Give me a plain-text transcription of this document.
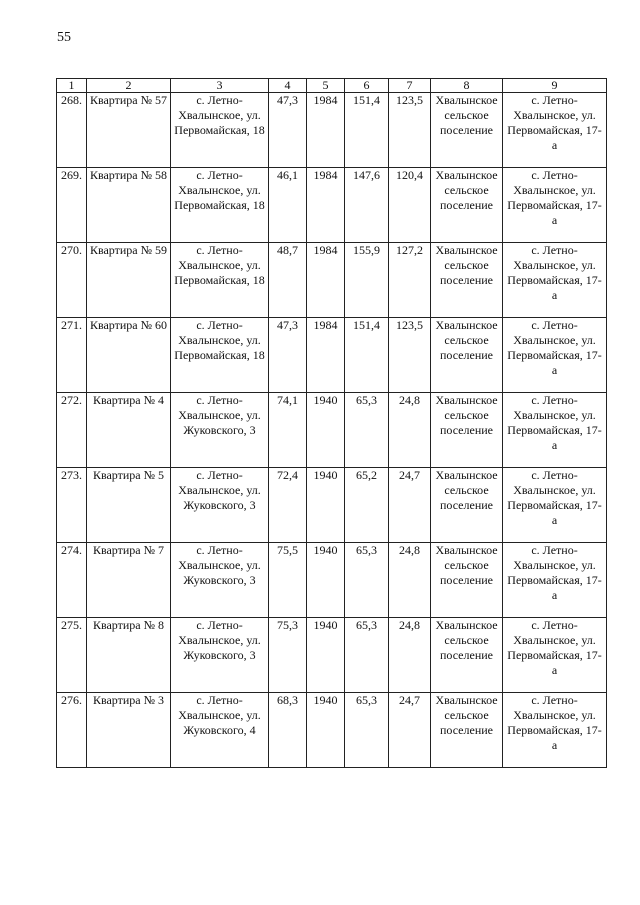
55
1	2	3	4	5	6	7	8	9
268.	Квартира № 57	с. Летно-Хвалынское, ул. Первомайская, 18	47,3	1984	151,4	123,5	Хвалынское сельское поселение	с. Летно-Хвалынское, ул. Первомайская, 17-а
269.	Квартира № 58	с. Летно-Хвалынское, ул. Первомайская, 18	46,1	1984	147,6	120,4	Хвалынское сельское поселение	с. Летно-Хвалынское, ул. Первомайская, 17-а
270.	Квартира № 59	с. Летно-Хвалынское, ул. Первомайская, 18	48,7	1984	155,9	127,2	Хвалынское сельское поселение	с. Летно-Хвалынское, ул. Первомайская, 17-а
271.	Квартира № 60	с. Летно-Хвалынское, ул. Первомайская, 18	47,3	1984	151,4	123,5	Хвалынское сельское поселение	с. Летно-Хвалынское, ул. Первомайская, 17-а
272.	Квартира № 4	с. Летно-Хвалынское, ул. Жуковского, 3	74,1	1940	65,3	24,8	Хвалынское сельское поселение	с. Летно-Хвалынское, ул. Первомайская, 17-а
273.	Квартира № 5	с. Летно-Хвалынское, ул. Жуковского, 3	72,4	1940	65,2	24,7	Хвалынское сельское поселение	с. Летно-Хвалынское, ул. Первомайская, 17-а
274.	Квартира № 7	с. Летно-Хвалынское, ул. Жуковского, 3	75,5	1940	65,3	24,8	Хвалынское сельское поселение	с. Летно-Хвалынское, ул. Первомайская, 17-а
275.	Квартира № 8	с. Летно-Хвалынское, ул. Жуковского, 3	75,3	1940	65,3	24,8	Хвалынское сельское поселение	с. Летно-Хвалынское, ул. Первомайская, 17-а
276.	Квартира № 3	с. Летно-Хвалынское, ул. Жуковского, 4	68,3	1940	65,3	24,7	Хвалынское сельское поселение	с. Летно-Хвалынское, ул. Первомайская, 17-а
